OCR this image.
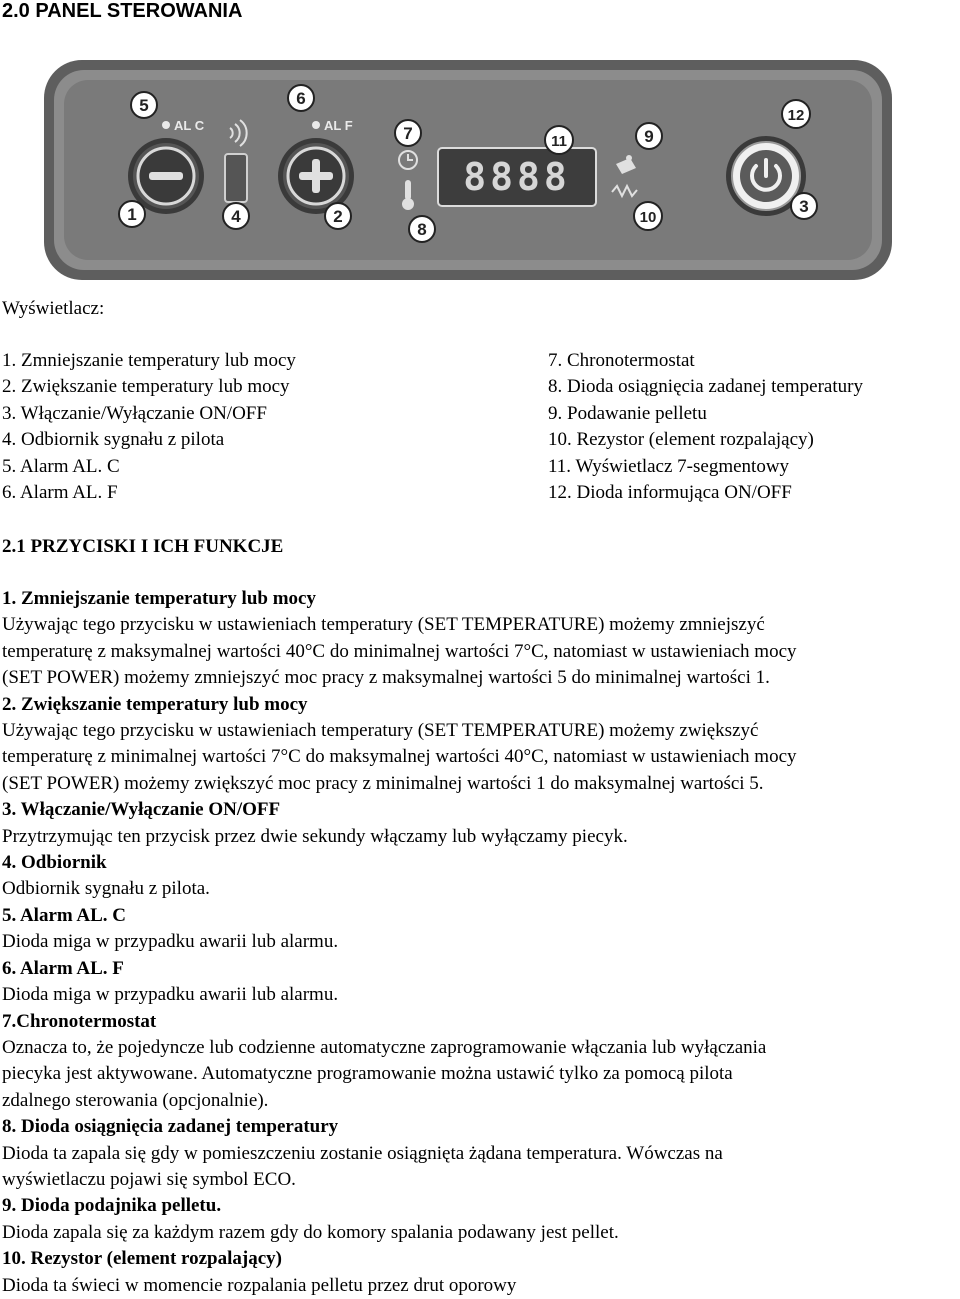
2.0 PANEL STEROWANIA
AL C	AL F
8888
1	2
3
4
5	6
7
8
9
10
11
12
Wyświetlacz:
1. Zmniejszanie temperatury lub mocy
2. Zwiększanie temperatury lub mocy
3. Włączanie/Wyłączanie ON/OFF
4. Odbiornik sygnału z pilota
5. Alarm AL. C
6. Alarm AL. F
7. Chronotermostat
8. Dioda osiągnięcia zadanej temperatury
9. Podawanie pelletu
10. Rezystor (element rozpalający)
11. Wyświetlacz 7-segmentowy
12. Dioda informująca ON/OFF
2.1 PRZYCISKI I ICH FUNKCJE
1. Zmniejszanie temperatury lub mocy
Używając tego przycisku w ustawieniach temperatury (SET TEMPERATURE) możemy zmniejszyć
temperaturę z maksymalnej wartości 40°C do minimalnej wartości 7°C, natomiast w ustawieniach mocy
(SET POWER) możemy zmniejszyć moc pracy z maksymalnej wartości 5 do minimalnej wartości 1.
2. Zwiększanie temperatury lub mocy
Używając tego przycisku w ustawieniach temperatury (SET TEMPERATURE) możemy zwiększyć
temperaturę z minimalnej wartości 7°C do maksymalnej wartości 40°C, natomiast w ustawieniach mocy
(SET POWER) możemy zwiększyć moc pracy z minimalnej wartości 1 do maksymalnej wartości 5.
3. Włączanie/Wyłączanie ON/OFF
Przytrzymując ten przycisk przez dwie sekundy włączamy lub wyłączamy piecyk.
4. Odbiornik
Odbiornik sygnału z pilota.
5. Alarm AL. C
Dioda miga w przypadku awarii lub alarmu.
6. Alarm AL. F
Dioda miga w przypadku awarii lub alarmu.
7.Chronotermostat
Oznacza to, że pojedyncze lub codzienne automatyczne zaprogramowanie włączania lub wyłączania
piecyka jest aktywowane. Automatyczne programowanie można ustawić tylko za pomocą pilota
zdalnego sterowania (opcjonalnie).
8. Dioda osiągnięcia zadanej temperatury
Dioda ta zapala się gdy w pomieszczeniu zostanie osiągnięta żądana temperatura. Wówczas na
wyświetlaczu pojawi się symbol ECO.
9. Dioda podajnika pelletu.
Dioda zapala się za każdym razem gdy do komory spalania podawany jest pellet.
10. Rezystor (element rozpalający)
Dioda ta świeci w momencie rozpalania pelletu przez drut oporowy
